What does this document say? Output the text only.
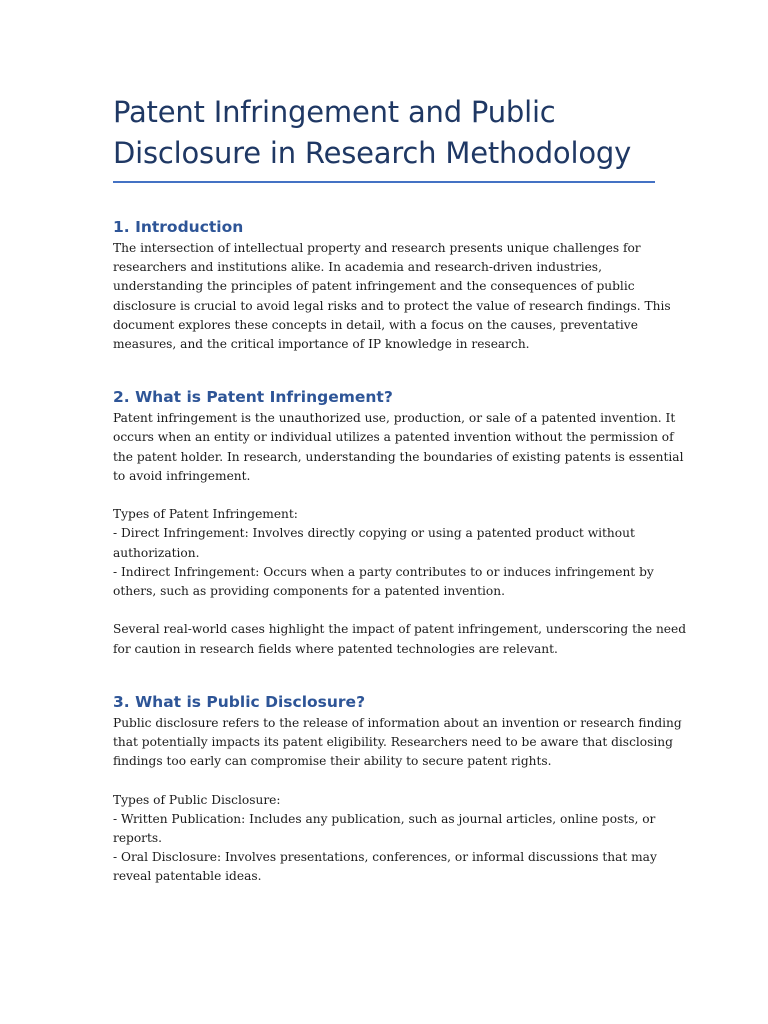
Patent Infringement and Public
Disclosure in Research Methodology
1. Introduction

The intersection of intellectual property and research presents unique challenges for
researchers and institutions alike. In academia and research-driven industries,
understanding the principles of patent infringement and the consequences of public
disclosure is crucial to avoid legal risks and to protect the value of research findings. This
document explores these concepts in detail, with a focus on the causes, preventative
measures, and the critical importance of IP knowledge in research.

2. What is Patent Infringement?

Patent infringement is the unauthorized use, production, or sale of a patented invention. It
occurs when an entity or individual utilizes a patented invention without the permission of
the patent holder. In research, understanding the boundaries of existing patents is essential
to avoid infringement.

Types of Patent Infringement:
- Direct Infringement: Involves directly copying or using a patented product without
authorization.
- Indirect Infringement: Occurs when a party contributes to or induces infringement by
others, such as providing components for a patented invention.

Several real-world cases highlight the impact of patent infringement, underscoring the need
for caution in research fields where patented technologies are relevant.

3. What is Public Disclosure?

Public disclosure refers to the release of information about an invention or research finding
that potentially impacts its patent eligibility. Researchers need to be aware that disclosing
findings too early can compromise their ability to secure patent rights.

Types of Public Disclosure:
- Written Publication: Includes any publication, such as journal articles, online posts, or
reports.
- Oral Disclosure: Involves presentations, conferences, or informal discussions that may
reveal patentable ideas.
